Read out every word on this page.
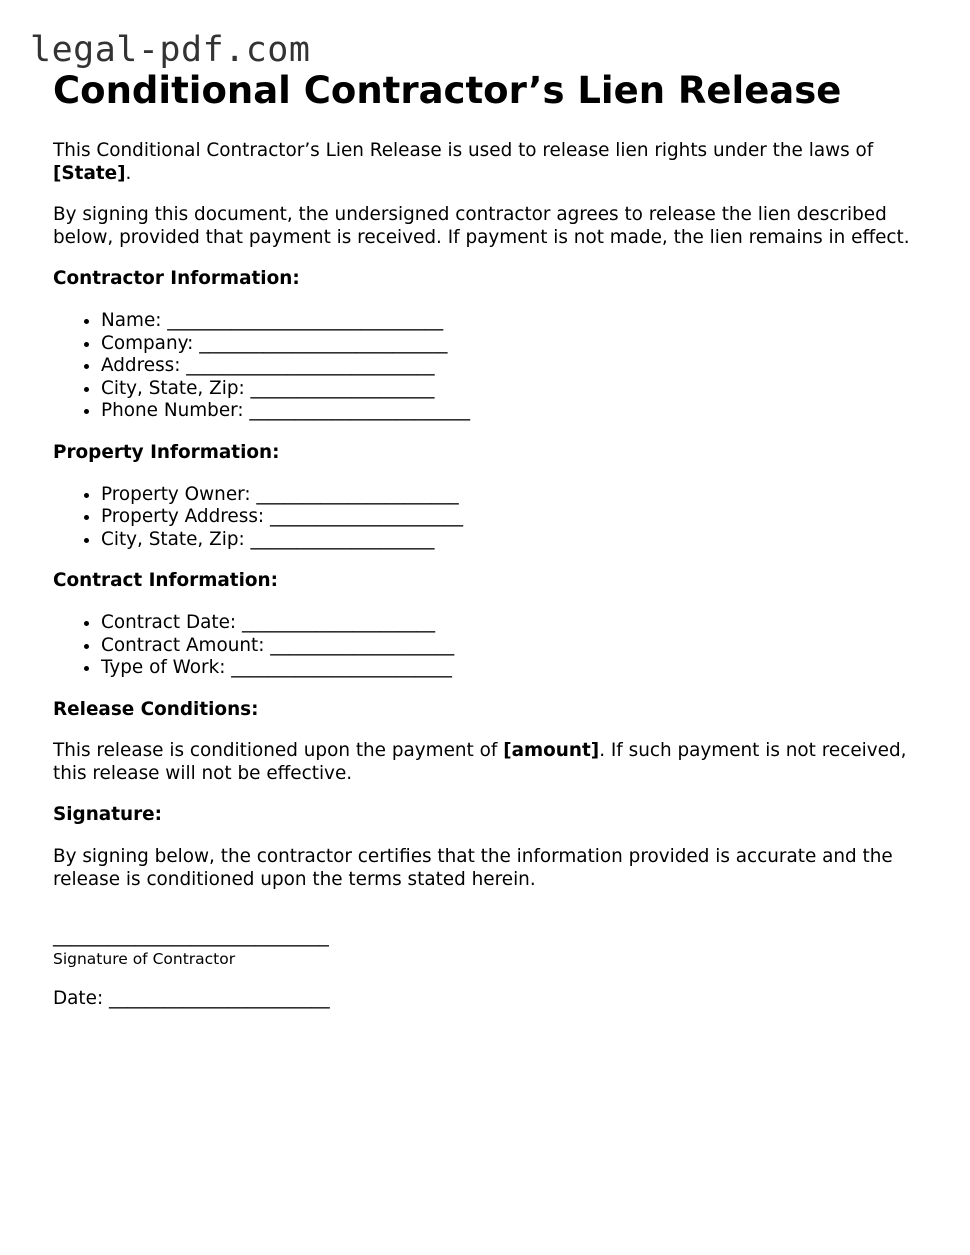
legal-pdf.com
Conditional Contractor’s Lien Release

This Conditional Contractor’s Lien Release is used to release lien rights under the laws of [State].

By signing this document, the undersigned contractor agrees to release the lien described below, provided that payment is received. If payment is not made, the lien remains in effect.

Contractor Information:
• Name: ______________________________
• Company: ___________________________
• Address: ___________________________
• City, State, Zip: ____________________
• Phone Number: ________________________
Property Information:
• Property Owner: ______________________
• Property Address: _____________________
• City, State, Zip: ____________________
Contract Information:
• Contract Date: _____________________
• Contract Amount: ____________________
• Type of Work: ________________________
Release Conditions:

This release is conditioned upon the payment of [amount]. If such payment is not received, this release will not be effective.

Signature:

By signing below, the contractor certifies that the information provided is accurate and the release is conditioned upon the terms stated herein.

______________________________
Signature of Contractor
Date: ________________________
